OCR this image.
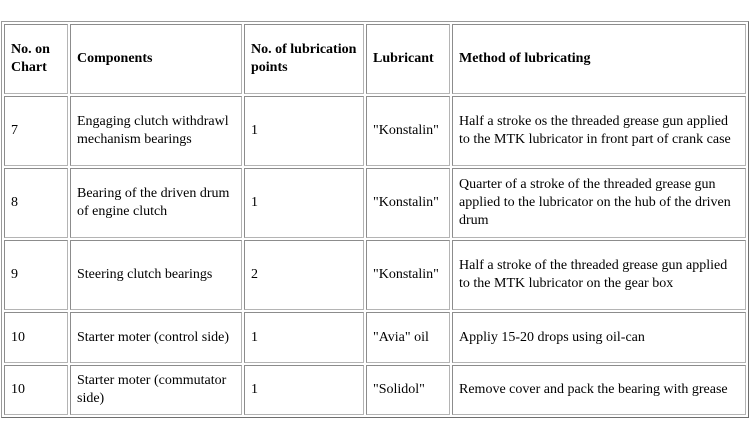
No. on Chart	Components	No. of lubrication points	Lubricant	Method of lubricating
7	Engaging clutch withdrawl mechanism bearings	1	"Konstalin"	Half a stroke os the threaded grease gun applied to the MTK lubricator in front part of crank case
8	Bearing of the driven drum of engine clutch	1	"Konstalin"	Quarter of a stroke of the threaded grease gun applied to the lubricator on the hub of the driven drum
9	Steering clutch bearings	2	"Konstalin"	Half a stroke of the threaded grease gun applied to the MTK lubricator on the gear box
10	Starter moter (control side)	1	"Avia" oil	Appliy 15-20 drops using oil-can
10	Starter moter (commutator side)	1	"Solidol"	Remove cover and pack the bearing with grease
